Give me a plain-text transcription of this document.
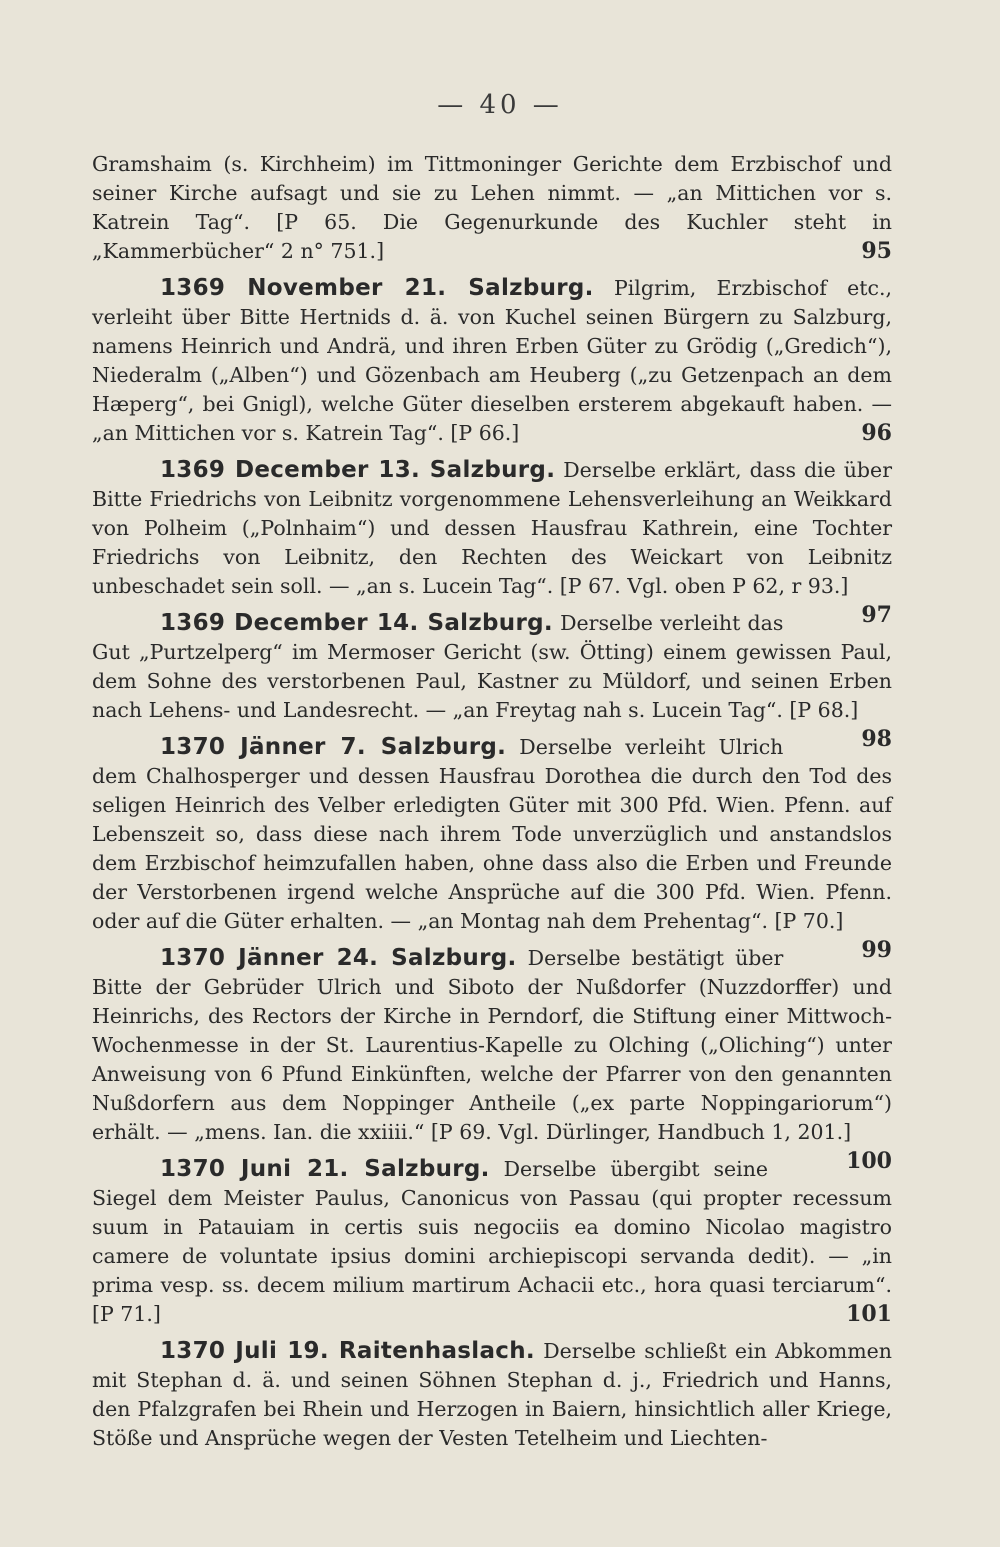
— 40 —

Gramshaim (s. Kirchheim) im Tittmoninger Gerichte dem Erzbischof und seiner Kirche aufsagt und sie zu Lehen nimmt. — „an Mittichen vor s. Katrein Tag“. [P 65. Die Gegenurkunde des Kuchler steht in „Kammerbücher“ 2 n° 751.]	95

1369 November 21. Salzburg. Pilgrim, Erzbischof etc., verleiht über Bitte Hertnids d. ä. von Kuchel seinen Bürgern zu Salzburg, namens Heinrich und Andrä, und ihren Erben Güter zu Grödig („Gredich“), Niederalm („Alben“) und Gözenbach am Heuberg („zu Getzenpach an dem Hæperg“, bei Gnigl), welche Güter dieselben ersterem abgekauft haben. — „an Mittichen vor s. Katrein Tag“. [P 66.]	96

1369 December 13. Salzburg. Derselbe erklärt, dass die über Bitte Friedrichs von Leibnitz vorgenommene Lehensverleihung an Weikkard von Polheim („Polnhaim“) und dessen Hausfrau Kathrein, eine Tochter Friedrichs von Leibnitz, den Rechten des Weickart von Leibnitz unbeschadet sein soll. — „an s. Lucein Tag“. [P 67. Vgl. oben P 62, r 93.]
97

1369 December 14. Salzburg. Derselbe verleiht das Gut „Purtzelperg“ im Mermoser Gericht (sw. Ötting) einem gewissen Paul, dem Sohne des verstorbenen Paul, Kastner zu Müldorf, und seinen Erben nach Lehens- und Landesrecht. — „an Freytag nah s. Lucein Tag“. [P 68.]
98

1370 Jänner 7. Salzburg. Derselbe verleiht Ulrich dem Chalhosperger und dessen Hausfrau Dorothea die durch den Tod des seligen Heinrich des Velber erledigten Güter mit 300 Pfd. Wien. Pfenn. auf Lebenszeit so, dass diese nach ihrem Tode unverzüglich und anstandslos dem Erzbischof heimzufallen haben, ohne dass also die Erben und Freunde der Verstorbenen irgend welche Ansprüche auf die 300 Pfd. Wien. Pfenn. oder auf die Güter erhalten. — „an Montag nah dem Prehentag“. [P 70.]
99

1370 Jänner 24. Salzburg. Derselbe bestätigt über Bitte der Gebrüder Ulrich und Siboto der Nußdorfer (Nuzzdorffer) und Heinrichs, des Rectors der Kirche in Perndorf, die Stiftung einer Mittwoch-Wochenmesse in der St. Laurentius-Kapelle zu Olching („Oliching“) unter Anweisung von 6 Pfund Einkünften, welche der Pfarrer von den genannten Nußdorfern aus dem Noppinger Antheile („ex parte Noppingariorum“) erhält. — „mens. Ian. die xxiiii.“ [P 69. Vgl. Dürlinger, Handbuch 1, 201.]
100

1370 Juni 21. Salzburg. Derselbe übergibt seine Siegel dem Meister Paulus, Canonicus von Passau (qui propter recessum suum in Patauiam in certis suis negociis ea domino Nicolao magistro camere de voluntate ipsius domini archiepiscopi servanda dedit). — „in prima vesp. ss. decem milium martirum Achacii etc., hora quasi terciarum“. [P 71.]	101

1370 Juli 19. Raitenhaslach. Derselbe schließt ein Abkommen mit Stephan d. ä. und seinen Söhnen Stephan d. j., Friedrich und Hanns, den Pfalzgrafen bei Rhein und Herzogen in Baiern, hinsichtlich aller Kriege, Stöße und Ansprüche wegen der Vesten Tetelheim und Liechten-
